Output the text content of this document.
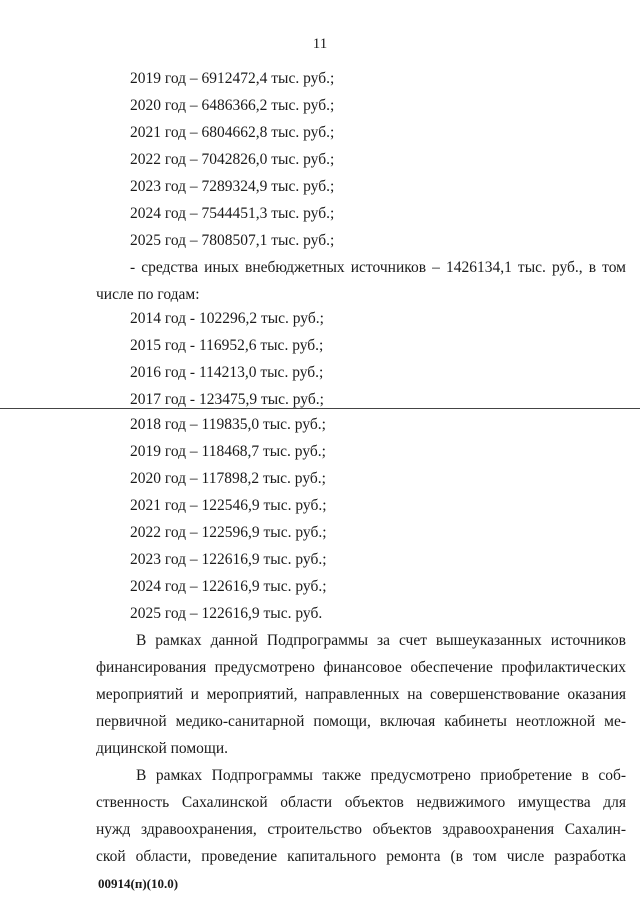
11
2019 год – 6912472,4 тыс. руб.;
2020 год – 6486366,2 тыс. руб.;
2021 год – 6804662,8 тыс. руб.;
2022 год – 7042826,0 тыс. руб.;
2023 год – 7289324,9 тыс. руб.;
2024 год – 7544451,3 тыс. руб.;
2025 год – 7808507,1 тыс. руб.;
- средства иных внебюджетных источников – 1426134,1 тыс. руб., в том
числе по годам:
2014 год - 102296,2 тыс. руб.;
2015 год - 116952,6 тыс. руб.;
2016 год - 114213,0 тыс. руб.;
2017 год - 123475,9 тыс. руб.;
2018 год – 119835,0 тыс. руб.;
2019 год – 118468,7 тыс. руб.;
2020 год – 117898,2 тыс. руб.;
2021 год – 122546,9 тыс. руб.;
2022 год – 122596,9 тыс. руб.;
2023 год – 122616,9 тыс. руб.;
2024 год – 122616,9 тыс. руб.;
2025 год – 122616,9 тыс. руб.
В рамках данной Подпрограммы за счет вышеуказанных источников
финансирования предусмотрено финансовое обеспечение профилактических
мероприятий и мероприятий, направленных на совершенствование оказания
первичной медико-санитарной помощи, включая кабинеты неотложной ме-
дицинской помощи.
В рамках Подпрограммы также предусмотрено приобретение в соб-
ственность Сахалинской области объектов недвижимого имущества для
нужд здравоохранения, строительство объектов здравоохранения Сахалин-
ской области, проведение капитального ремонта (в том числе разработка
00914(п)(10.0)
